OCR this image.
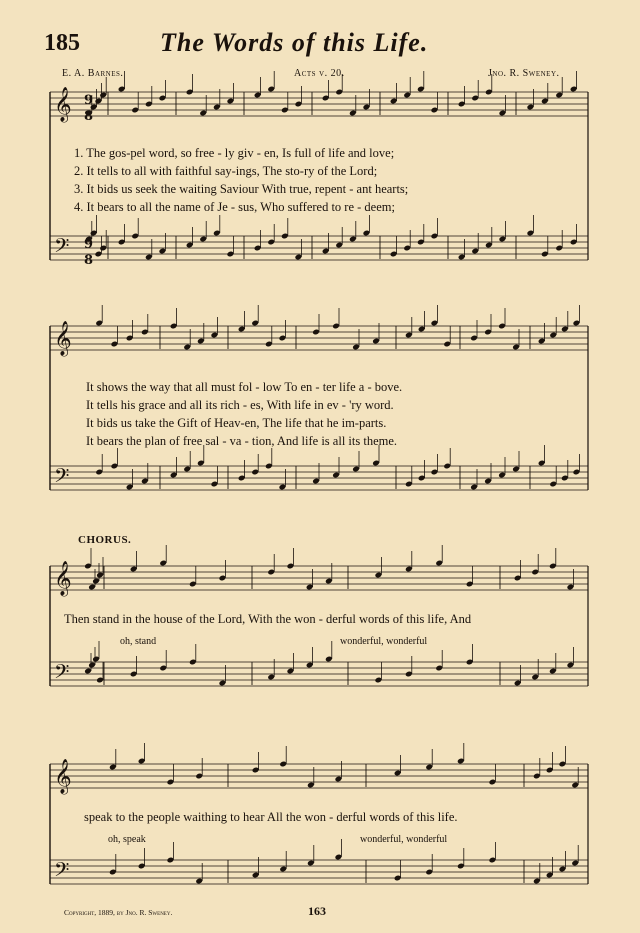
185	The Words of this Life.
E. A. Barnes.	Acts v. 20.	Jno. R. Sweney.
𝄞
𝄢
9
8
9
8
𝄞
𝄢
𝄞
𝄢
𝄞
𝄢
1. The gos-pel word, so free - ly giv - en, Is full of life and love;
2. It tells to all with faithful say-ings, The sto-ry of the Lord;
3. It bids us seek the waiting Saviour With true, repent - ant hearts;
4. It bears to all the name of Je - sus, Who suffered to re - deem;
It shows the way that all must fol - low To en - ter life a - bove.
It tells his grace and all its rich - es, With life in ev - 'ry word.
It bids us take the Gift of Heav-en, The life that he im-parts.
It bears the plan of free sal - va - tion, And life is all its theme.
CHORUS.
Then stand in the house of the Lord, With the won - derful words of this life, And
oh, stand	wonderful, wonderful
speak to the people waithing to hear All the won - derful words of this life.
oh, speak	wonderful, wonderful
Copyright, 1889, by Jno. R. Sweney.	163
